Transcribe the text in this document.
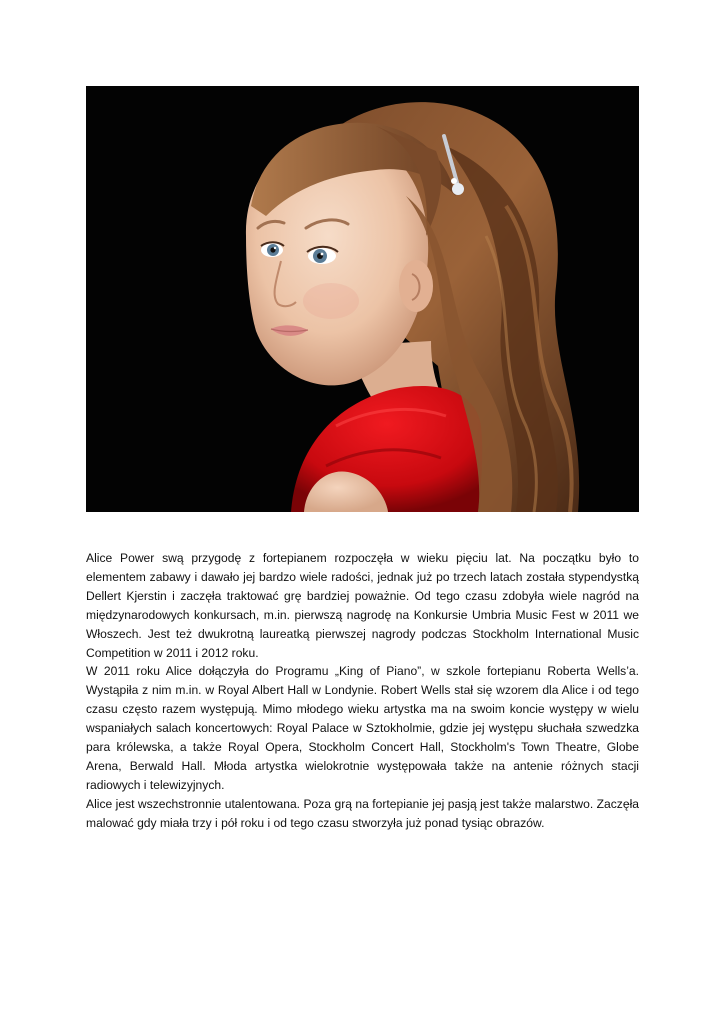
Alice Power swą przygodę z fortepianem rozpoczęła w wieku pięciu lat. Na początku było to elementem zabawy i dawało jej bardzo wiele radości, jednak już po trzech latach została stypendystką Dellert Kjerstin i zaczęła traktować grę bardziej poważnie. Od tego czasu zdobyła wiele nagród na międzynarodowych konkursach, m.in. pierwszą nagrodę na Konkursie Umbria Music Fest w 2011 we Włoszech. Jest też dwukrotną laureatką pierwszej nagrody podczas Stockholm International Music Competition w 2011 i 2012 roku.

W 2011 roku Alice dołączyła do Programu „King of Piano”, w szkole fortepianu Roberta Wells’a. Wystąpiła z nim m.in. w Royal Albert Hall w Londynie. Robert Wells stał się wzorem dla Alice i od tego czasu często razem występują. Mimo młodego wieku artystka ma na swoim koncie występy w wielu wspaniałych salach koncertowych: Royal Palace w Sztokholmie, gdzie jej występu słuchała szwedzka para królewska, a także Royal Opera, Stockholm Concert Hall, Stockholm's Town Theatre, Globe Arena, Berwald Hall. Młoda artystka wielokrotnie występowała także na antenie różnych stacji radiowych i telewizyjnych.

Alice jest wszechstronnie utalentowana. Poza grą na fortepianie jej pasją jest także malarstwo. Zaczęła malować gdy miała trzy i pół roku i od tego czasu stworzyła już ponad tysiąc obrazów.
